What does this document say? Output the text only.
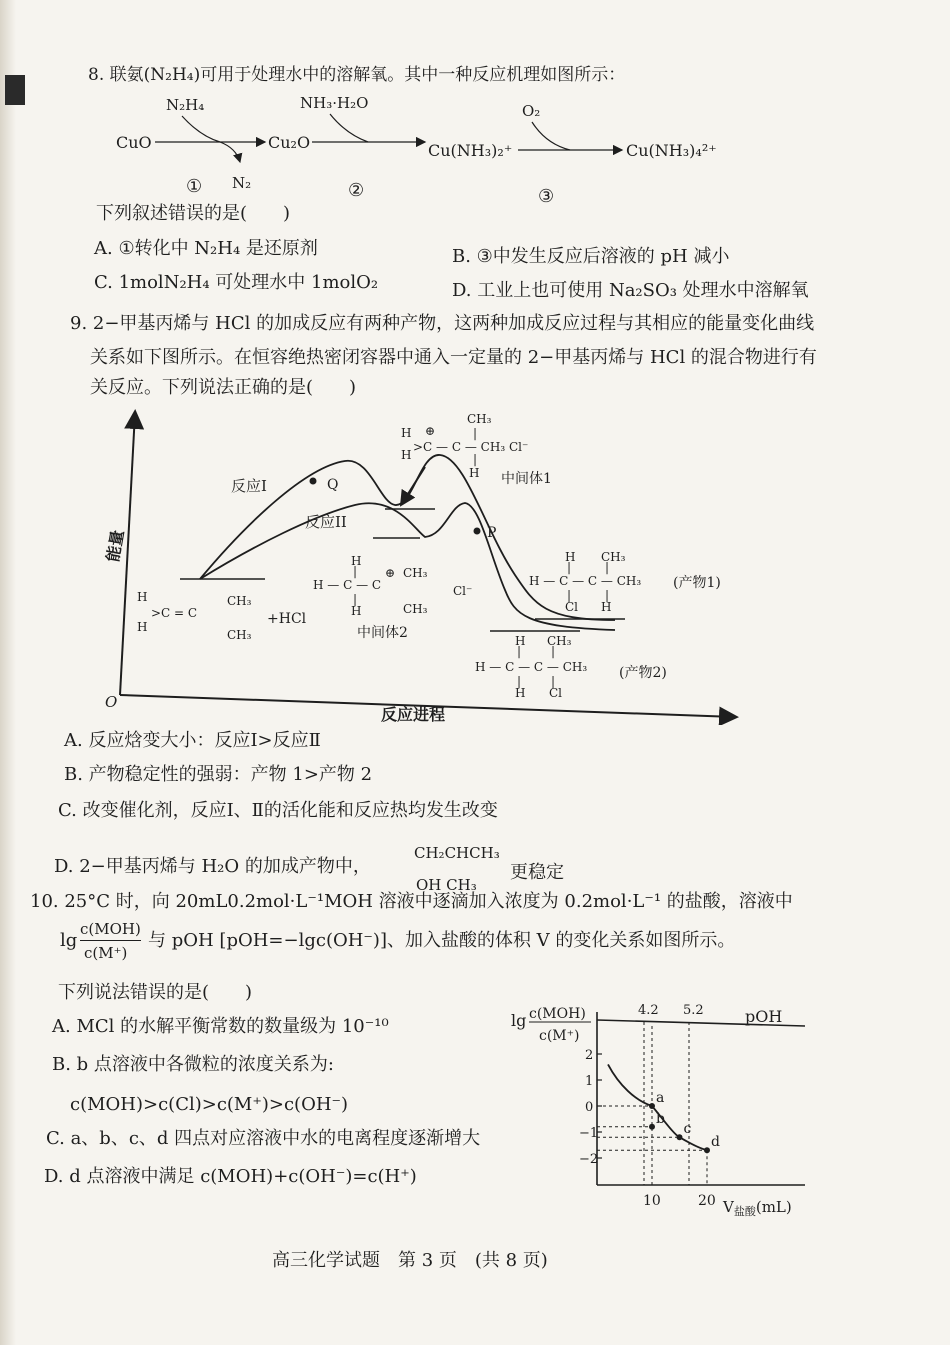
8. 联氨(N₂H₄)可用于处理水中的溶解氧。其中一种反应机理如图所示：
CuO
N₂H₄
N₂
①
Cu₂O
NH₃·H₂O
②
Cu(NH₃)₂⁺
O₂
③
Cu(NH₃)₄²⁺
下列叙述错误的是(　　)
A. ①转化中 N₂H₄ 是还原剂	B. ③中发生反应后溶液的 pH 减小
C. 1molN₂H₄ 可处理水中 1molO₂	D. 工业上也可使用 Na₂SO₃ 处理水中溶解氧
9. 2−甲基丙烯与 HCl 的加成反应有两种产物，这两种加成反应过程与其相应的能量变化曲线
关系如下图所示。在恒容绝热密闭容器中通入一定量的 2−甲基丙烯与 HCl 的混合物进行有
关反应。下列说法正确的是(　　)
O
能量
反应进程
Q
P
反应I
反应II
CH₃
|
H ⊕
H
>C — C — CH₃ Cl⁻
|
H 中间体1
H
|
H — C — C
⊕ CH₃
|
H	CH₃
Cl⁻
中间体2
H
H
>C = C
CH₃
CH₃
+HCl
H CH₃
|	|
H — C — C — CH₃
|	|
Cl H
(产物1)
H CH₃
| |
H — C — C — CH₃
| |
H Cl
(产物2)
A. 反应焓变大小：反应Ⅰ>反应Ⅱ
B. 产物稳定性的强弱：产物 1>产物 2
C. 改变催化剂，反应Ⅰ、Ⅱ的活化能和反应热均发生改变
D. 2−甲基丙烯与 H₂O 的加成产物中，
CH₂CHCH₃
OH CH₃
更稳定
10. 25°C 时，向 20mL0.2mol·L⁻¹MOH 溶液中逐滴加入浓度为 0.2mol·L⁻¹ 的盐酸，溶液中
lg
c(MOH)
c(M⁺)
与 pOH [pOH=−lgc(OH⁻)]、加入盐酸的体积 V 的变化关系如图所示。
下列说法错误的是(　　)
A. MCl 的水解平衡常数的数量级为 10⁻¹⁰
B. b 点溶液中各微粒的浓度关系为:
c(MOH)>c(Cl)>c(M⁺)>c(OH⁻)
C. a、b、c、d 四点对应溶液中水的电离程度逐渐增大
D. d 点溶液中满足 c(MOH)+c(OH⁻)=c(H⁺)
lg c(MOH)
c(M⁺)
pOH
$V_{盐酸}(mL)$
2
1
0
−1
−2
10	20
4.2 5.2
a
b
c
d
高三化学试题　第 3 页　(共 8 页)
